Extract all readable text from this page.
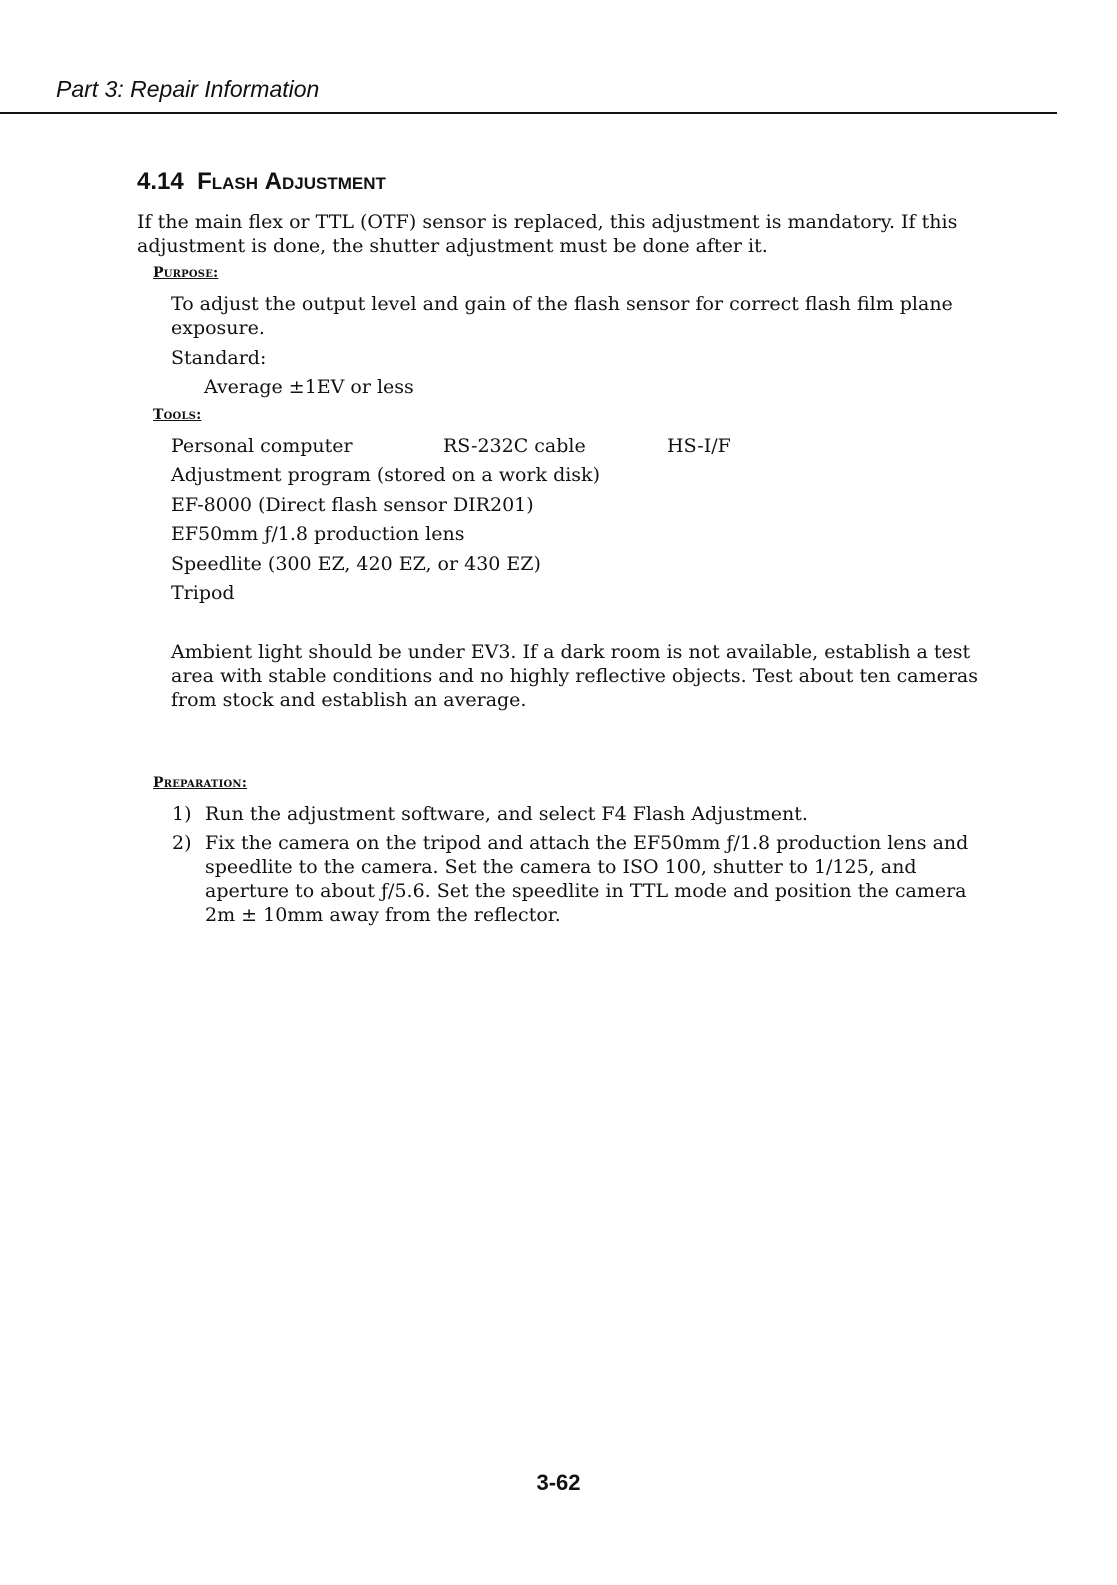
Part 3: Repair Information
4.14 Flash Adjustment

If the main flex or TTL (OTF) sensor is replaced, this adjustment is mandatory. If this adjustment is done, the shutter adjustment must be done after it.

Purpose:

To adjust the output level and gain of the flash sensor for correct flash film plane exposure.

Standard:
Average ±1EV or less
Tools:
Personal computer	RS-232C cable	HS-I/F
Adjustment program (stored on a work disk)
EF-8000 (Direct flash sensor DIR201)
EF50mm ƒ/1.8 production lens
Speedlite (300 EZ, 420 EZ, or 430 EZ)
Tripod

Ambient light should be under EV3. If a dark room is not available, establish a test area with stable conditions and no highly reflective objects. Test about ten cameras from stock and establish an average.

Preparation:
1) Run the adjustment software, and select F4 Flash Adjustment.

2) Fix the camera on the tripod and attach the EF50mm ƒ/1.8 production lens and speedlite to the camera. Set the camera to ISO 100, shutter to 1/125, and aperture to about ƒ/5.6. Set the speedlite in TTL mode and position the camera 2m ± 10mm away from the reflector.

3-62
